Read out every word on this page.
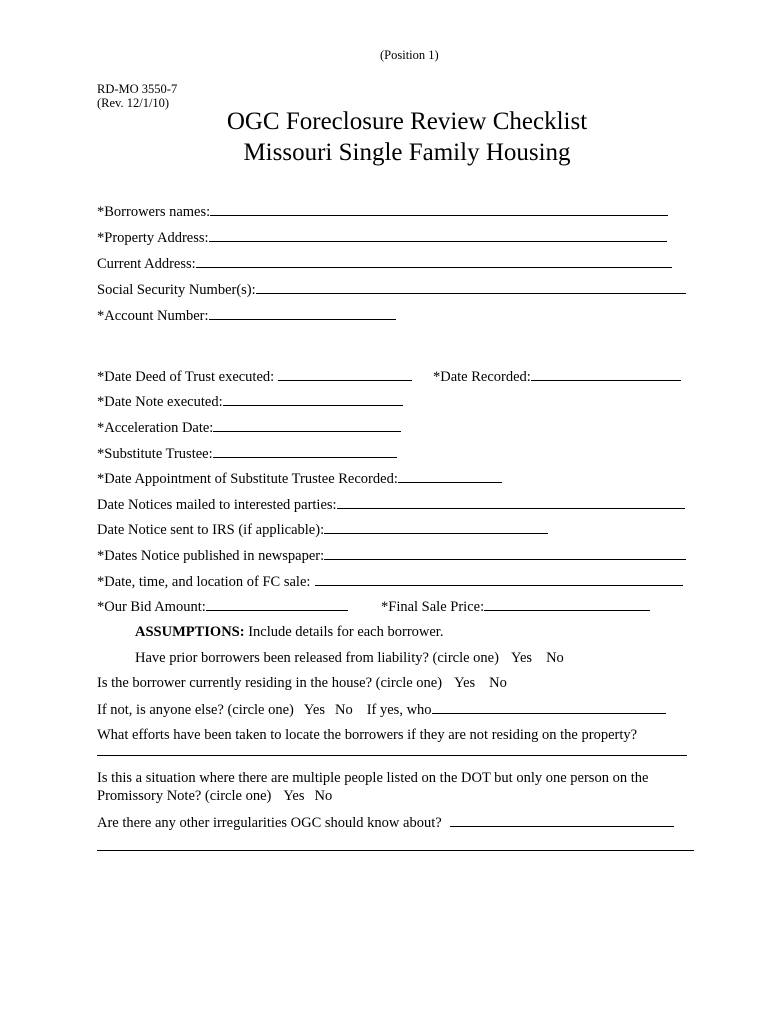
(Position 1)
RD-MO 3550-7
(Rev. 12/1/10)
OGC Foreclosure Review Checklist
Missouri Single Family Housing
*Borrowers names:
*Property Address:
Current Address:
Social Security Number(s):
*Account Number:
*Date Deed of Trust executed:	*Date Recorded:
*Date Note executed:
*Acceleration Date:
*Substitute Trustee:
*Date Appointment of Substitute Trustee Recorded:
Date Notices mailed to interested parties:
Date Notice sent to IRS (if applicable):
*Dates Notice published in newspaper:
*Date, time, and location of FC sale:
*Our Bid Amount:	*Final Sale Price:
ASSUMPTIONS: Include details for each borrower.
Have prior borrowers been released from liability? (circle one) Yes No
Is the borrower currently residing in the house? (circle one) Yes No
If not, is anyone else? (circle one) Yes No If yes, who
What efforts have been taken to locate the borrowers if they are not residing on the property?
Is this a situation where there are multiple people listed on the DOT but only one person on the
Promissory Note? (circle one) Yes No
Are there any other irregularities OGC should know about?
